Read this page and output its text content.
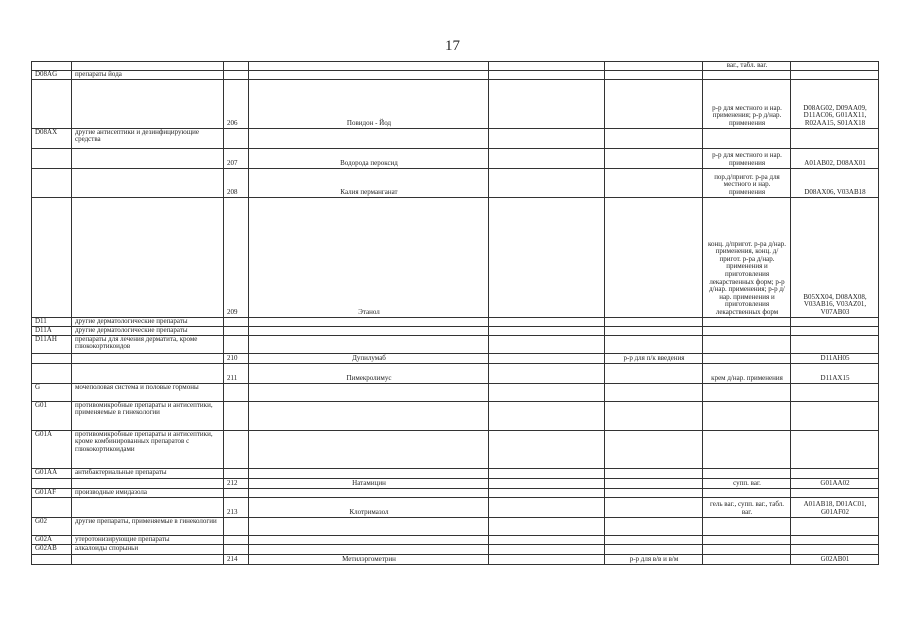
17
						ваг., табл. ваг.	
D08AG	препараты йода						
		206	Повидон - Йод			р-р для местного и нар. применения; р-р д/нар. применения	D08AG02, D09AA09, D11AC06, G01AX11, R02AA15, S01AX18
D08AX	другие антисептики и дезинфицирующие средства						
		207	Водорода пероксид			р-р для местного и нар. применения	A01AB02, D08AX01
		208	Калия перманганат			пор.д/пригот. р-ра для местного и нар. применения	D08AX06, V03AB18
		209	Этанол			конц. д/пригот. р-ра д/нар. применения, конц. д/пригот. р-ра д/нар. применения и приготовления лекарственных форм; р-р д/нар. применения; р-р д/нар. применения и приготовления лекарственных форм	B05XX04, D08AX08, V03AB16, V03AZ01, V07AB03
D11	другие дерматологические препараты						
D11A	другие дерматологические препараты						
D11AH	препараты для лечения дерматита, кроме глюкокортикоидов						
		210	Дупилумаб		р-р для п/к введения		D11AH05
		211	Пимекролимус			крем д/нар. применения	D11AX15
G	мочеполовая система и половые гормоны						
G01	противомикробные препараты и антисептики, применяемые в гинекологии						
G01A	противомикробные препараты и антисептики, кроме комбинированных препаратов с глюкокортикоидами						
G01AA	антибактериальные препараты						
		212	Натамицин			супп. ваг.	G01AA02
G01AF	производные имидазола						
		213	Клотримазол			гель ваг., супп. ваг., табл. ваг.	A01AB18, D01AC01, G01AF02
G02	другие препараты, применяемые в гинекологии						
G02A	утеротонизирующие препараты						
G02AB	алкалоиды спорыньи						
		214	Метилэргометрин		р-р для в/в и в/м		G02AB01
